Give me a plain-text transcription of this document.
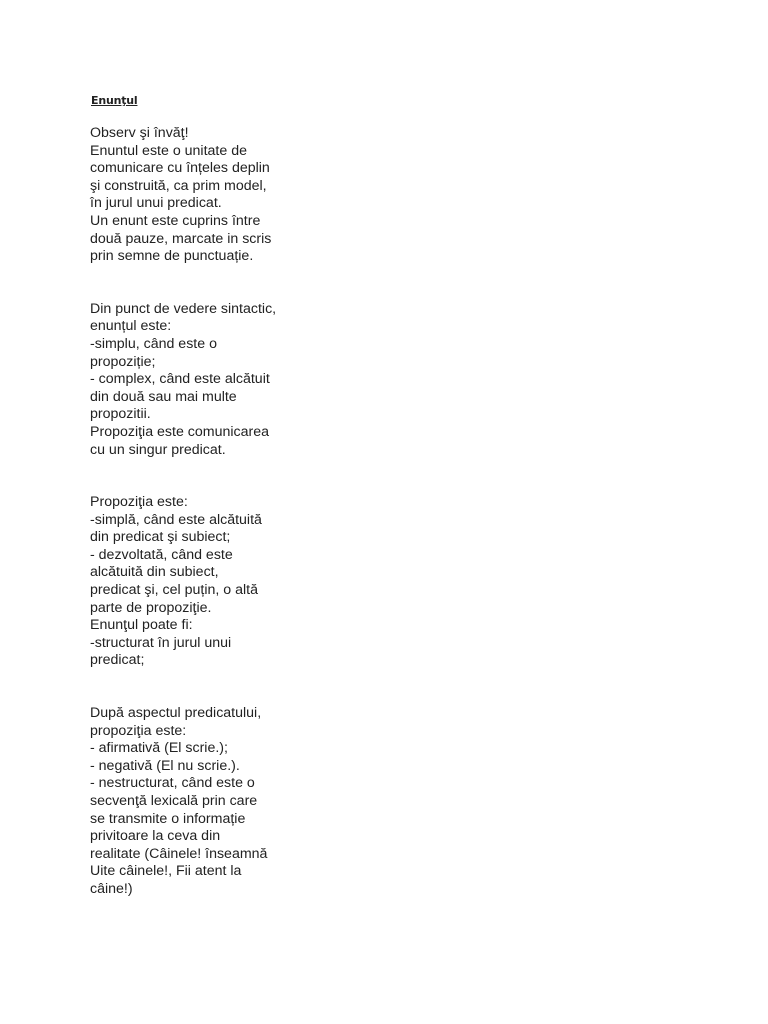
Enunţul

Observ şi învăţ!
Enuntul este o unitate de
comunicare cu înțeles deplin
şi construită, ca prim model,
în jurul unui predicat.
Un enunt este cuprins între
două pauze, marcate in scris
prin semne de punctuație.

Din punct de vedere sintactic,
enunțul este:
-simplu, când este o
propoziție;
- complex, când este alcătuit
din două sau mai multe
propozitii.
Propoziţia este comunicarea
cu un singur predicat.

Propoziţia este:
-simplă, când este alcătuită
din predicat şi subiect;
- dezvoltată, când este
alcătuită din subiect,
predicat şi, cel puțin, o altă
parte de propoziţie.
Enunţul poate fi:
-structurat în jurul unui
predicat;

După aspectul predicatului,
propoziţia este:
- afirmativă (El scrie.);
- negativă (El nu scrie.).
- nestructurat, când este o
secvenţă lexicală prin care
se transmite o informație
privitoare la ceva din
realitate (Câinele! înseamnă
Uite câinele!, Fii atent la
câine!)
